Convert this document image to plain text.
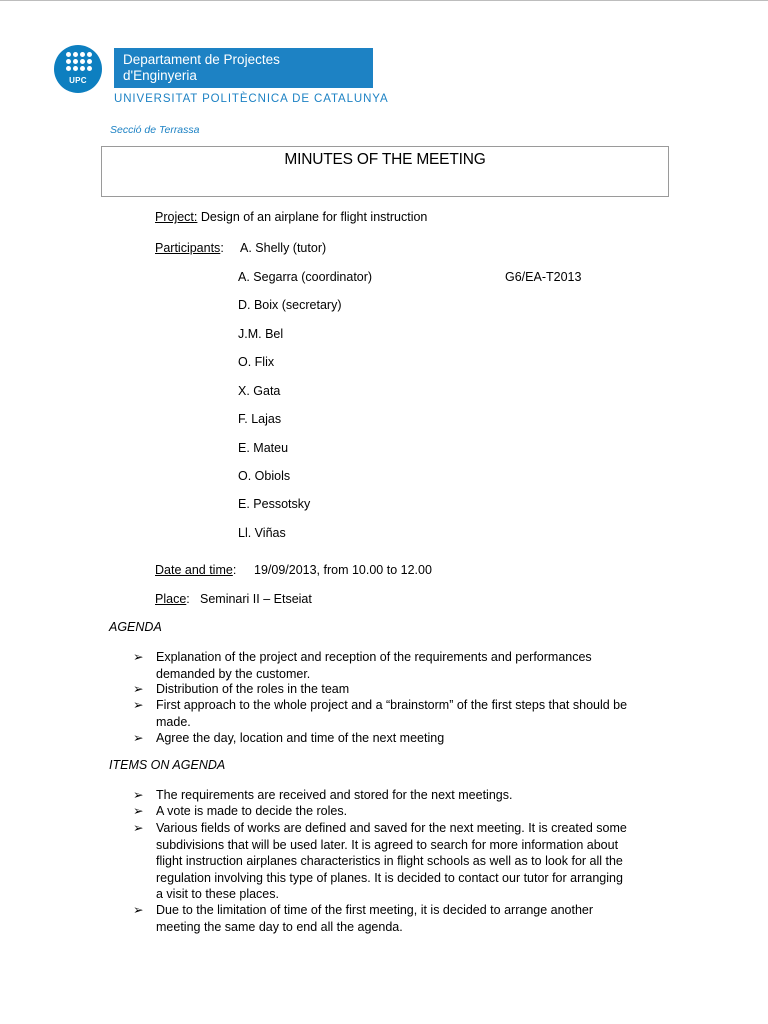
UPC
Departament de Projectes
d'Enginyeria
UNIVERSITAT POLITÈCNICA DE CATALUNYA
Secció de Terrassa
MINUTES OF THE MEETING
Project: Design of an airplane for flight instruction
Participants: A. Shelly (tutor)
A. Segarra (coordinator)	G6/EA-T2013
D. Boix (secretary)
J.M. Bel
O. Flix
X. Gata
F. Lajas
E. Mateu
O. Obiols
E. Pessotsky
Ll. Viñas
Date and time: 19/09/2013, from 10.00 to 12.00
Place: Seminari II – Etseiat
AGENDA
➢ Explanation of the project and reception of the requirements and performances
demanded by the customer.
➢ Distribution of the roles in the team
➢ First approach to the whole project and a “brainstorm” of the first steps that should be
made.
➢ Agree the day, location and time of the next meeting
ITEMS ON AGENDA
➢ The requirements are received and stored for the next meetings.
➢ A vote is made to decide the roles.
➢ Various fields of works are defined and saved for the next meeting. It is created some
subdivisions that will be used later. It is agreed to search for more information about
flight instruction airplanes characteristics in flight schools as well as to look for all the
regulation involving this type of planes. It is decided to contact our tutor for arranging
a visit to these places.
➢ Due to the limitation of time of the first meeting, it is decided to arrange another
meeting the same day to end all the agenda.
